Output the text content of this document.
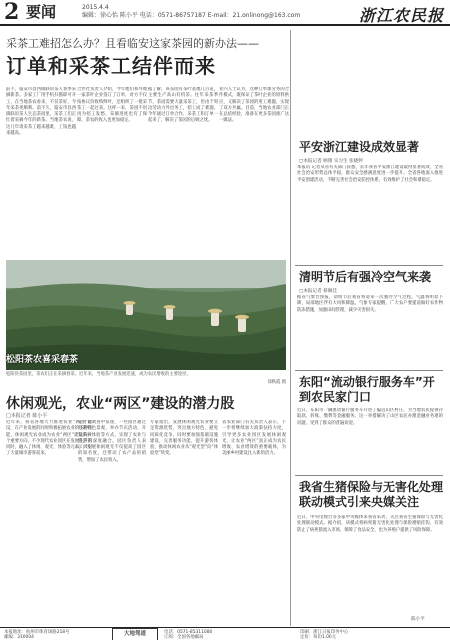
2 要闻	2015.4.4
编辑：徐心怡 陈小平 电话：0571-86757187 E-mail：21.onlinong@163.com	浙江农民报
采茶工难招怎么办？且看临安这家茶园的新办法——
订单和采茶工结伴而来
前不，临安市昌西镇联谊茶人春季采摘新茶。多家工厂用手机扫描即可开工，在当地茶农看来，不仅茶好，今年采茶更顺利。前不久，临安市昌西镇联谊茶人生态茶园里，采茶工们正忙着采摘今年的新茶。当地茶农说，这几年请采茶工越来越难，工钱也越来越高。
合作社负责人介绍，今年他们和外地一家茶叶企业签订了订单，对方不仅按协议价收购鲜叶，还组织了一批采茶工一起过来。这样一来，茶园不用再为招工发愁，采摘进度也有了保障，茶农的收入也更加稳定。
据了解，该茶园有茶叶基地几百亩，主要生产高山有机茶。往年采茶季节，茶园需要大量采茶工，但由于周边劳动力外出务工，招工成了难题。今年通过订单合作，采茶工和订单一起来了，解决了茶园的后顾之忧。
业内人士认为，这种订单加劳务的合作模式，既保证了茶叶企业的原料供应，又解决了茶园的用工难题，实现了双方共赢。目前，当地农业部门正在总结经验，准备在更多茶园推广这一做法。
松阳茶农喜采春茶
松阳县茶园里，茶农们正在采摘春茶。近年来，当地茶产业发展迅速，成为农民增收的主要途径。
徐秋霞 摄
休闲观光，农业“两区”建设的潜力股
□本报记者 陈小平
近年来，我省各地大力推进农业“两区”建设，在产业发展的同时积极拓展农业的多种功能，休闲观光农业成为农业“两区”建设的一个重要方向。不少现代农业园区在发展生产的同时，融入了休闲、观光、体验等元素，吸引了大量城市游客前来。
记者在调查中发现，一些园区通过打造特色景观、举办节庆活动、开发采摘体验等方式，实现了农业与旅游的深度融合。园区负责人表示，发展休闲观光不仅提高了园区的知名度，还带动了农产品的销售，增加了农民收入。
专家指出，发展休闲观光农业要立足资源优势，突出地方特色，避免同质化竞争。同时要加强基础设施建设，完善服务功能，提升游客体验，推动休闲农业从“观光型”向“体验型”转变。
省农业部门有关负责人表示，下一步将继续加大政策扶持力度，引导更多农业园区发展休闲观光，让农业“两区”真正成为农民增收、农业增效的重要载体，为美丽乡村建设注入新的活力。
平安浙江建设成效显著
□本报记者 顾翔 实习生 张晓婷
本报讯 记者从省有关部门获悉，去年我省平安浙江建设取得显著成效，全省社会治安形势总体平稳，群众安全感满意度进一步提升。全省各地深入推进平安创建活动，不断完善社会治安防控体系，有效维护了社会和谐稳定。
清明节后有强冷空气来袭
□本报记者 蔡佩佳
据省气象台预报，清明节后我省将迎来一次强冷空气过程，气温将明显下降，局部地区伴有大风和降温。气象专家提醒，广大农户要提前做好农作物防冻措施，加强田间管理，减少灾害损失。
东阳“流动银行服务车”开到农民家门口
近日，东阳市一辆流动银行服务车开进了偏远山区村庄，为当地农民提供存取款、转账、缴费等金融服务。这一举措解决了山区农民办理金融业务难的问题，受到了群众的普遍欢迎。
我省生猪保险与无害化处理联动模式引来央媒关注
近日，中央电视台等多家中央媒体来我省采访，关注我省生猪保险与无害化处理联动模式。据介绍，该模式将病死猪无害化处理与保险理赔挂钩，有效防止了病死猪流入市场，保障了食品安全，也为养殖户提供了风险保障。
陈小平
大地驾道
本报地址：杭州市体育场路218号
邮编：310004
电话：0571-85311080
订阅：全国各地邮局
印刷：浙江日报印务中心
定价：每份1.00元
